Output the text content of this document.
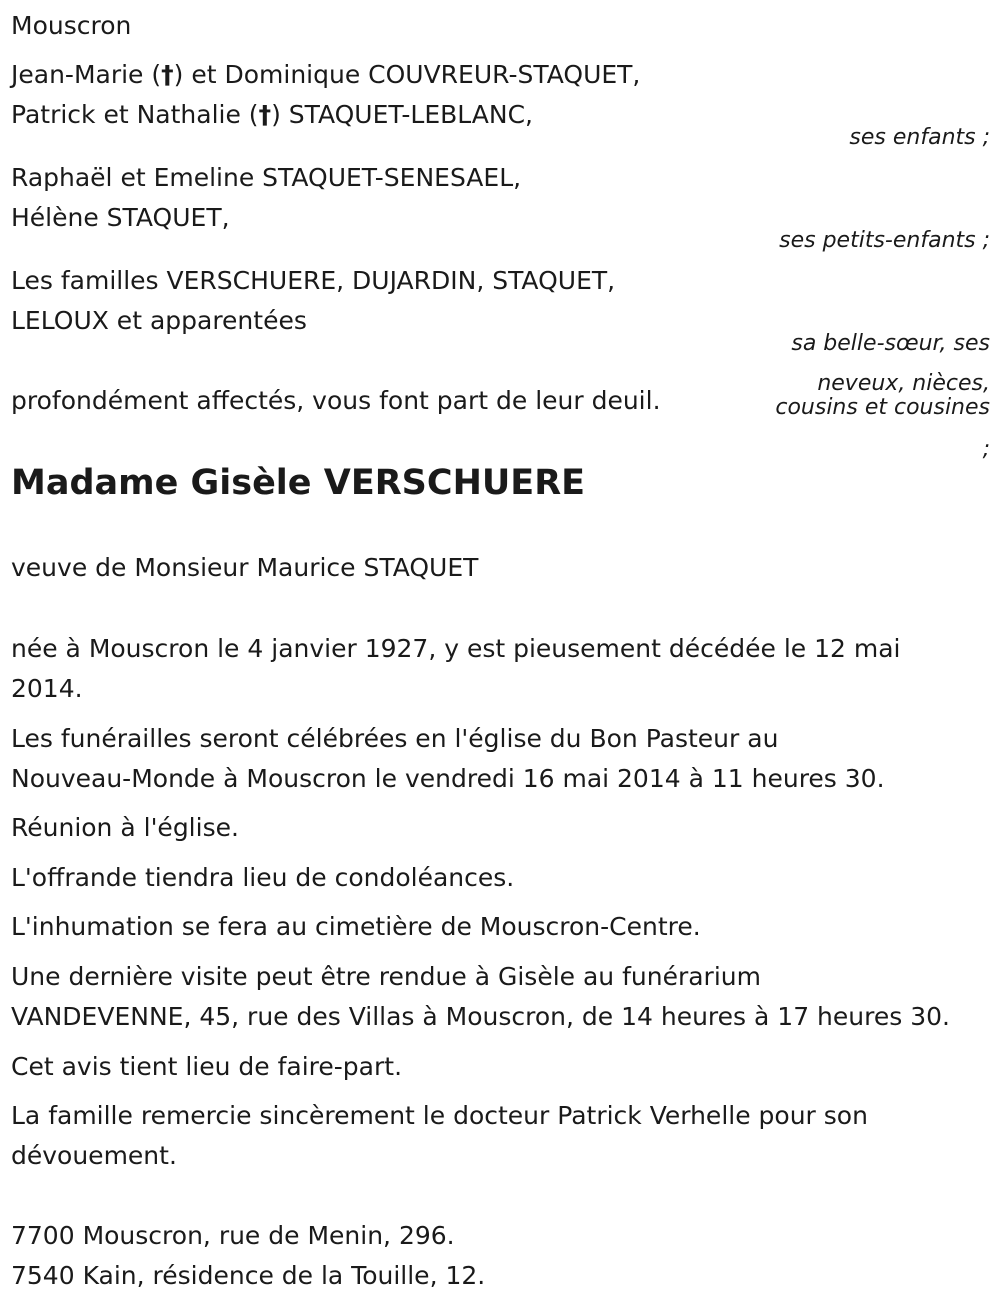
Mouscron
Jean-Marie (†) et Dominique COUVREUR-STAQUET,
Patrick et Nathalie (†) STAQUET-LEBLANC,
ses enfants ;
Raphaël et Emeline STAQUET-SENESAEL,
Hélène STAQUET,
ses petits-enfants ;
Les familles VERSCHUERE, DUJARDIN, STAQUET,
LELOUX et apparentées
sa belle-sœur, ses
neveux, nièces,
cousins et cousines
;
profondément affectés, vous font part de leur deuil.
Madame Gisèle VERSCHUERE
veuve de Monsieur Maurice STAQUET
née à Mouscron le 4 janvier 1927, y est pieusement décédée le 12 mai
2014.
Les funérailles seront célébrées en l'église du Bon Pasteur au
Nouveau-Monde à Mouscron le vendredi 16 mai 2014 à 11 heures 30.
Réunion à l'église.
L'offrande tiendra lieu de condoléances.
L'inhumation se fera au cimetière de Mouscron-Centre.
Une dernière visite peut être rendue à Gisèle au funérarium
VANDEVENNE, 45, rue des Villas à Mouscron, de 14 heures à 17 heures 30.
Cet avis tient lieu de faire-part.
La famille remercie sincèrement le docteur Patrick Verhelle pour son
dévouement.
7700 Mouscron, rue de Menin, 296.
7540 Kain, résidence de la Touille, 12.
